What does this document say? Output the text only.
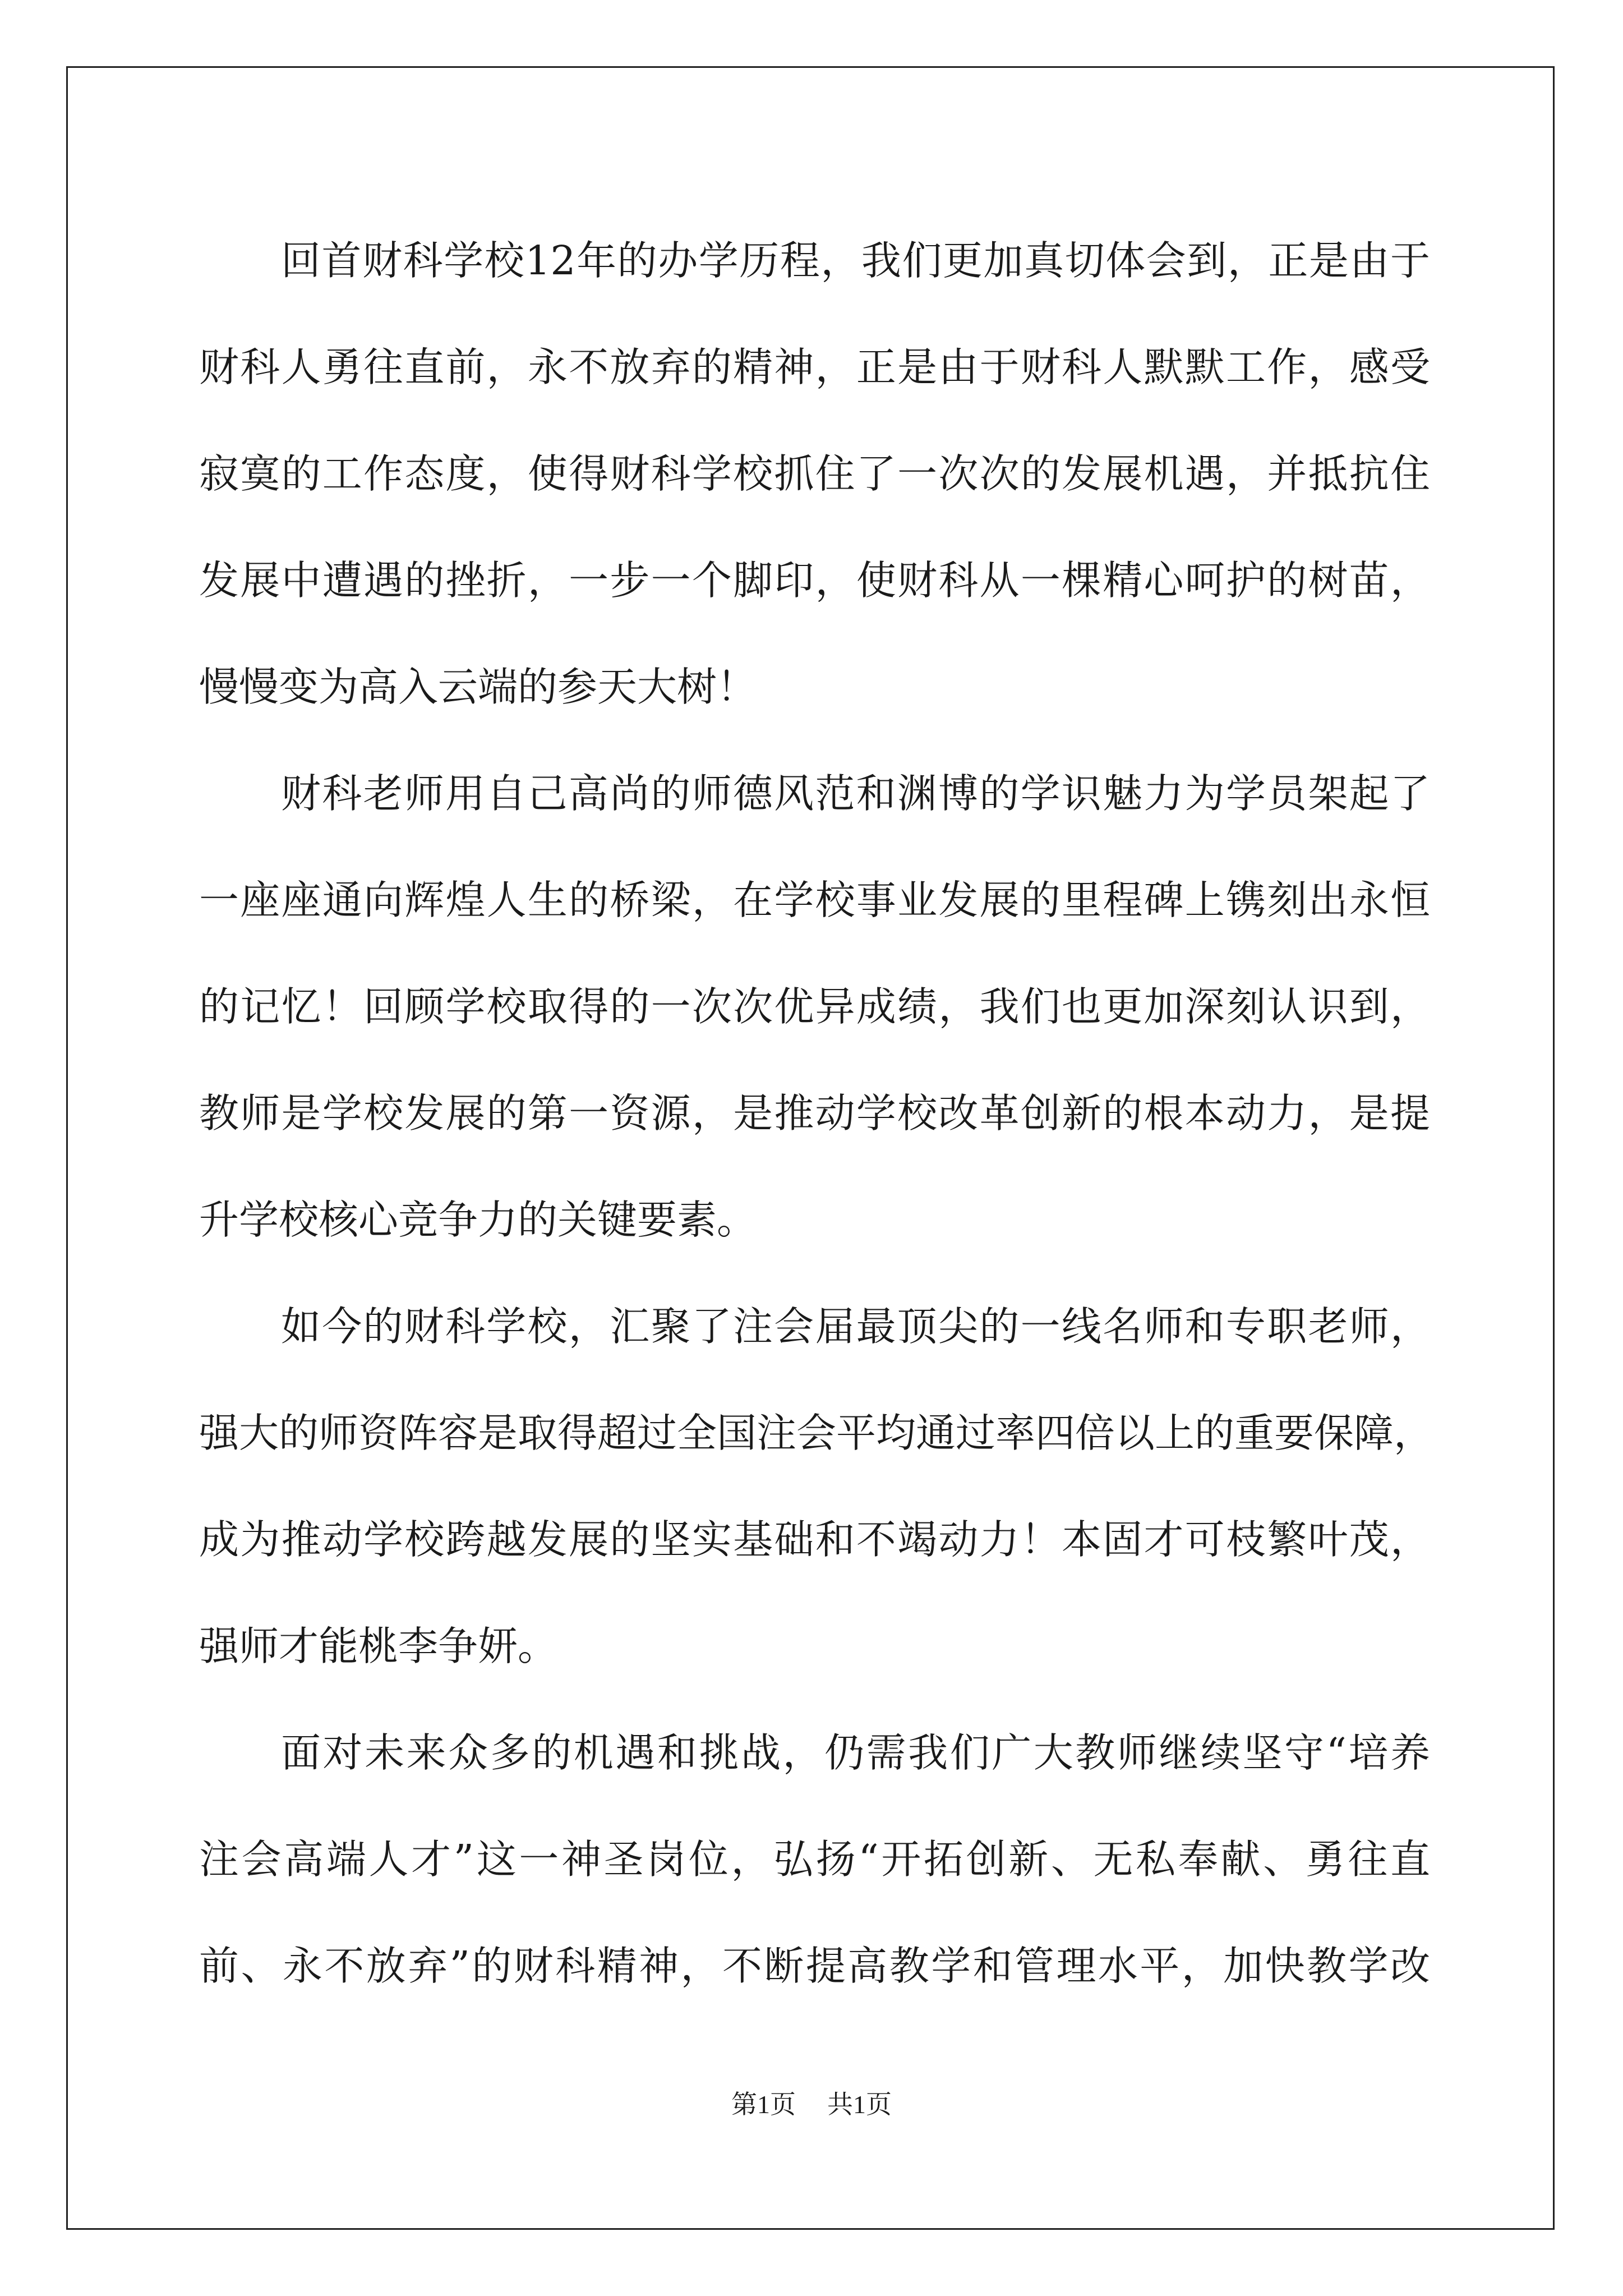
回首财科学校12年的办学历程，我们更加真切体会到，正是由于
财科人勇往直前，永不放弃的精神，正是由于财科人默默工作，感受
寂寞的工作态度，使得财科学校抓住了一次次的发展机遇，并抵抗住
发展中遭遇的挫折，一步一个脚印，使财科从一棵精心呵护的树苗，
慢慢变为高入云端的参天大树！
财科老师用自己高尚的师德风范和渊博的学识魅力为学员架起了
一座座通向辉煌人生的桥梁，在学校事业发展的里程碑上镌刻出永恒
的记忆！回顾学校取得的一次次优异成绩，我们也更加深刻认识到，
教师是学校发展的第一资源，是推动学校改革创新的根本动力，是提
升学校核心竞争力的关键要素。
如今的财科学校，汇聚了注会届最顶尖的一线名师和专职老师，
强大的师资阵容是取得超过全国注会平均通过率四倍以上的重要保障，
成为推动学校跨越发展的坚实基础和不竭动力！本固才可枝繁叶茂，
强师才能桃李争妍。
面对未来众多的机遇和挑战，仍需我们广大教师继续坚守“培养
注会高端人才”这一神圣岗位，弘扬“开拓创新、无私奉献、勇往直
前、永不放弃”的财科精神，不断提高教学和管理水平，加快教学改
第1页 共1页
